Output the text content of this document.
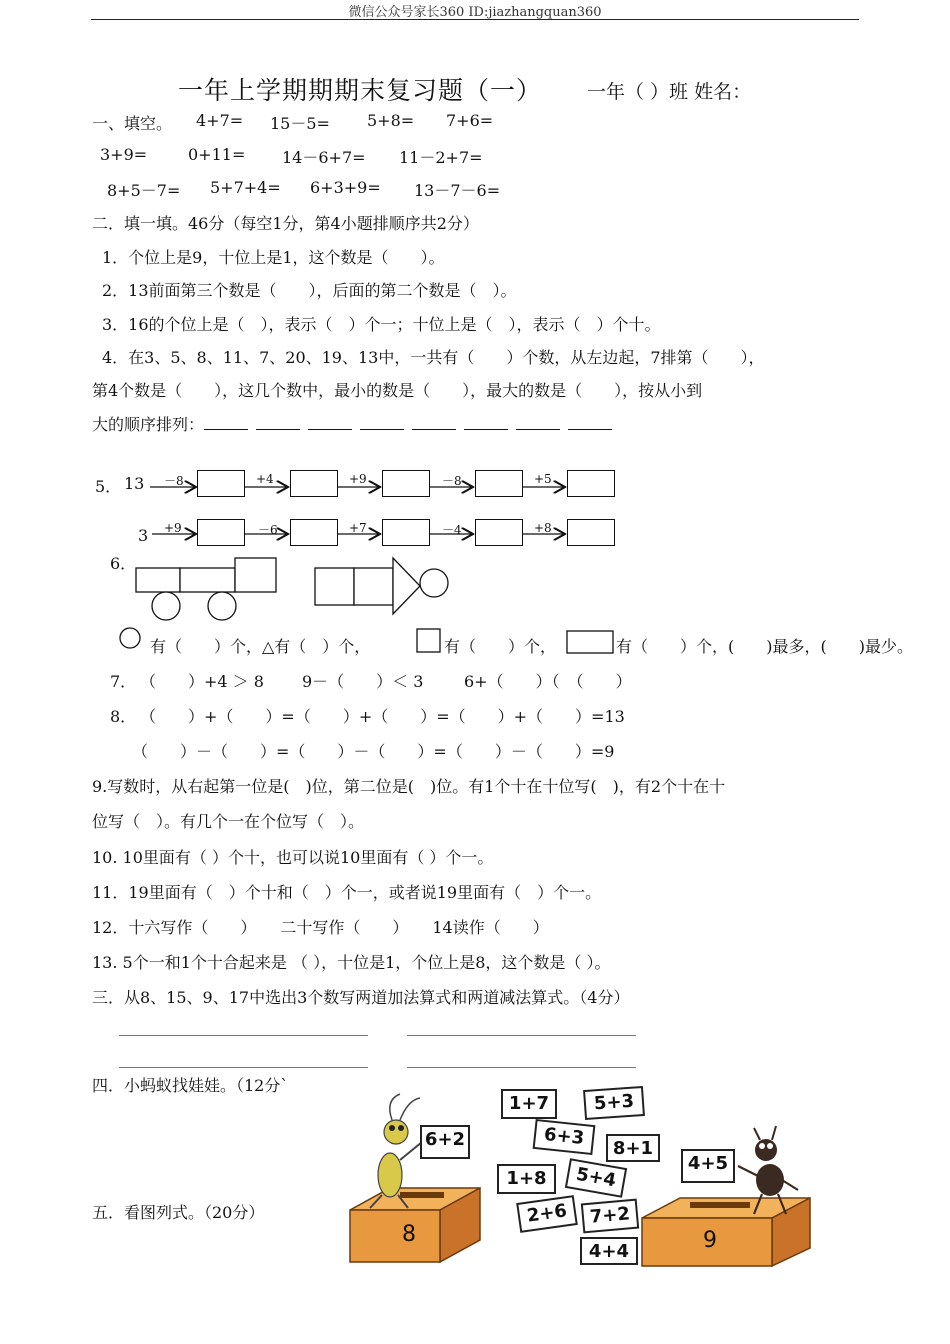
微信公众号家长360 ID:jiazhangquan360
一年上学期期期末复习题（一） 一年（ ）班 姓名：
一、填空。 4+7= 15－5= 5+8= 7+6=
3+9=	0+11= 14－6+7= 11－2+7=
8+5－7= 5+7+4= 6+3+9= 13－7－6=
二．填一填。46分（每空1分，第4小题排顺序共2分）
1．个位上是9，十位上是1，这个数是（　　）。
2．13前面第三个数是（　　），后面的第二个数是（　）。
3．16的个位上是（　），表示（　）个一；十位上是（　），表示（　）个十。
4．在3、5、8、11、7、20、19、13中，一共有（　　）个数，从左边起，7排第（　　），
第4个数是（　　），这几个数中，最小的数是（　　），最大的数是（　　），按从小到
大的顺序排列：
5． 13
3
－8	+4	+9	－8	+5
+9	－6	+7	－4	+8
6．
有（　　）个，△有（　）个，	有（　　）个，	有（　　）个，(　　)最多，(　　)最少。
7． （　　）+4 ＞ 8 9－（　　）＜ 3	6+（　　）（　（　　）
8． （　　）+（　　）=（　　）+（　　）=（　　）+（　　）=13
（　　）－（　　）=（　　）－（　　）=（　　）－（　　）=9
9.写数时，从右起第一位是(　)位，第二位是(　)位。有1个十在十位写(　)，有2个十在十
位写（　）。有几个一在个位写（　）。
10. 10里面有（ ）个十，也可以说10里面有（ ）个一。
11．19里面有（　）个十和（　）个一，或者说19里面有（　）个一。
12．十六写作（　　）　　二十写作（　　）　　14读作（　　）
13. 5个一和1个十合起来是 （ ），十位是1，个位上是8，这个数是（ ）。
三．从8、15、9、17中选出3个数写两道加法算式和两道减法算式。（4分）
四．小蚂蚁找娃娃。（12分`
五．看图列式。（20分）
1+7	5+3
6+3	8+1
6+2
1+8	5+4
2+6	7+2
4+4
4+5
8	9
